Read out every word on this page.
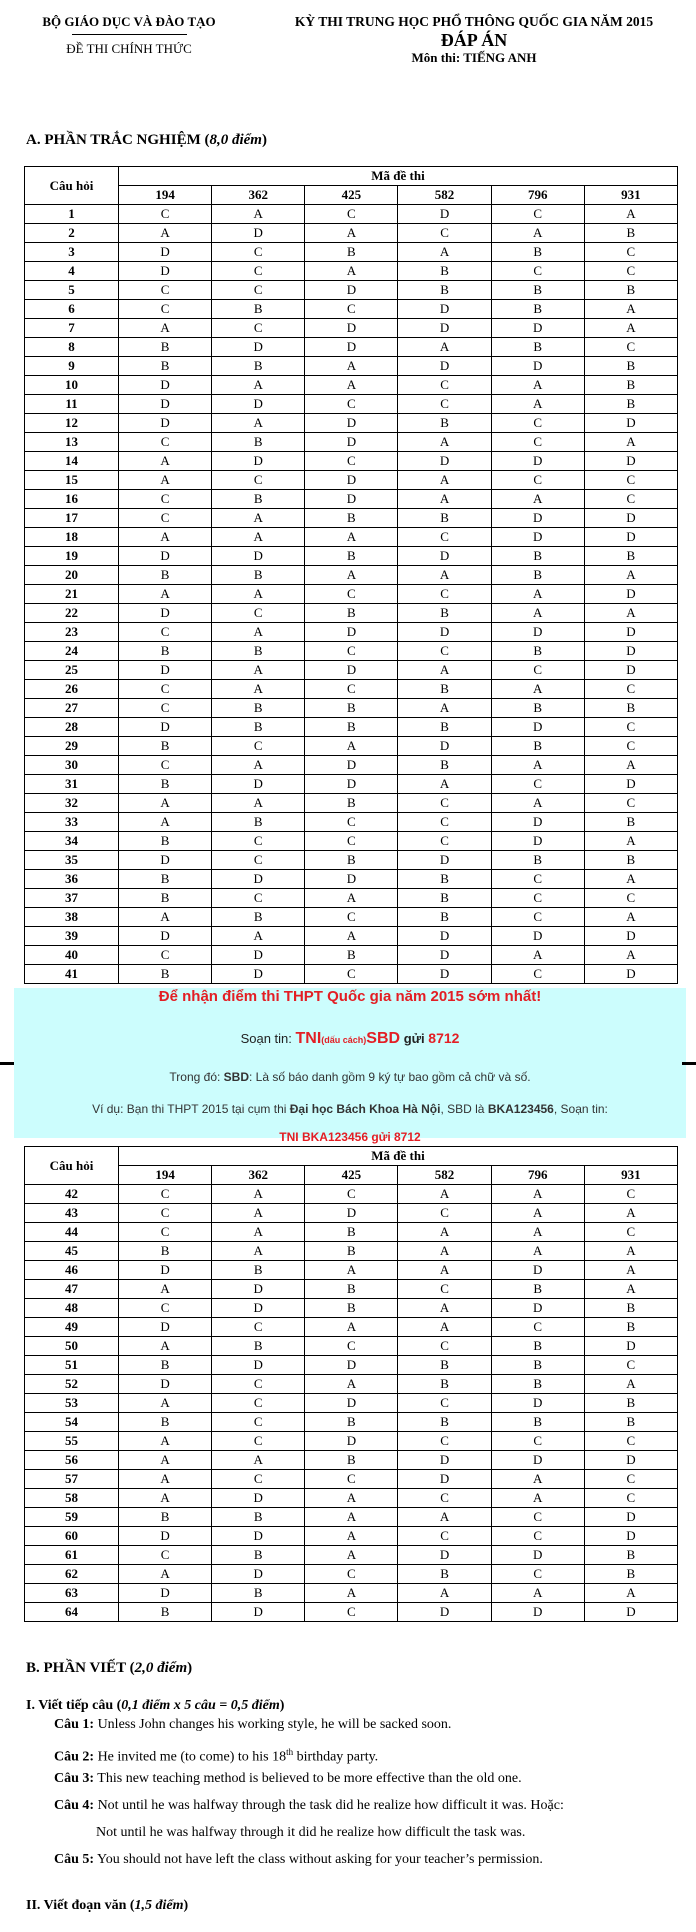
BỘ GIÁO DỤC VÀ ĐÀO TẠO
ĐỀ THI CHÍNH THỨC
KỲ THI TRUNG HỌC PHỔ THÔNG QUỐC GIA NĂM 2015
ĐÁP ÁN
Môn thi: TIẾNG ANH
A. PHẦN TRẮC NGHIỆM (8,0 điểm)
Câu hỏi	Mã đề thi					
	194	362	425	582	796	931
1	C	A	C	D	C	A
2	A	D	A	C	A	B
3	D	C	B	A	B	C
4	D	C	A	B	C	C
5	C	C	D	B	B	B
6	C	B	C	D	B	A
7	A	C	D	D	D	A
8	B	D	D	A	B	C
9	B	B	A	D	D	B
10	D	A	A	C	A	B
11	D	D	C	C	A	B
12	D	A	D	B	C	D
13	C	B	D	A	C	A
14	A	D	C	D	D	D
15	A	C	D	A	C	C
16	C	B	D	A	A	C
17	C	A	B	B	D	D
18	A	A	A	C	D	D
19	D	D	B	D	B	B
20	B	B	A	A	B	A
21	A	A	C	C	A	D
22	D	C	B	B	A	A
23	C	A	D	D	D	D
24	B	B	C	C	B	D
25	D	A	D	A	C	D
26	C	A	C	B	A	C
27	C	B	B	A	B	B
28	D	B	B	B	D	C
29	B	C	A	D	B	C
30	C	A	D	B	A	A
31	B	D	D	A	C	D
32	A	A	B	C	A	C
33	A	B	C	C	D	B
34	B	C	C	C	D	A
35	D	C	B	D	B	B
36	B	D	D	B	C	A
37	B	C	A	B	C	C
38	A	B	C	B	C	A
39	D	A	A	D	D	D
40	C	D	B	D	A	A
41	B	D	C	D	C	D
Để nhận điểm thi THPT Quốc gia năm 2015 sớm nhất!
Soạn tin: TNI(dấu cách)SBD gửi 8712
Trong đó: SBD: Là số báo danh gồm 9 ký tự bao gồm cả chữ và số.
Ví dụ: Bạn thi THPT 2015 tại cụm thi Đại học Bách Khoa Hà Nội, SBD là BKA123456, Soạn tin:
TNI BKA123456 gửi 8712
Câu hỏi	Mã đề thi					
	194	362	425	582	796	931
42	C	A	C	A	A	C
43	C	A	D	C	A	A
44	C	A	B	A	A	C
45	B	A	B	A	A	A
46	D	B	A	A	D	A
47	A	D	B	C	B	A
48	C	D	B	A	D	B
49	D	C	A	A	C	B
50	A	B	C	C	B	D
51	B	D	D	B	B	C
52	D	C	A	B	B	A
53	A	C	D	C	D	B
54	B	C	B	B	B	B
55	A	C	D	C	C	C
56	A	A	B	D	D	D
57	A	C	C	D	A	C
58	A	D	A	C	A	C
59	B	B	A	A	C	D
60	D	D	A	C	C	D
61	C	B	A	D	D	B
62	A	D	C	B	C	B
63	D	B	A	A	A	A
64	B	D	C	D	D	D
B. PHẦN VIẾT (2,0 điểm)
I. Viết tiếp câu (0,1 điểm x 5 câu = 0,5 điểm)
Câu 1: Unless John changes his working style, he will be sacked soon.
Câu 2: He invited me (to come) to his 18th birthday party.
Câu 3: This new teaching method is believed to be more effective than the old one.
Câu 4: Not until he was halfway through the task did he realize how difficult it was. Hoặc:
Not until he was halfway through it did he realize how difficult the task was.
Câu 5: You should not have left the class without asking for your teacher’s permission.
II. Viết đoạn văn (1,5 điểm)
